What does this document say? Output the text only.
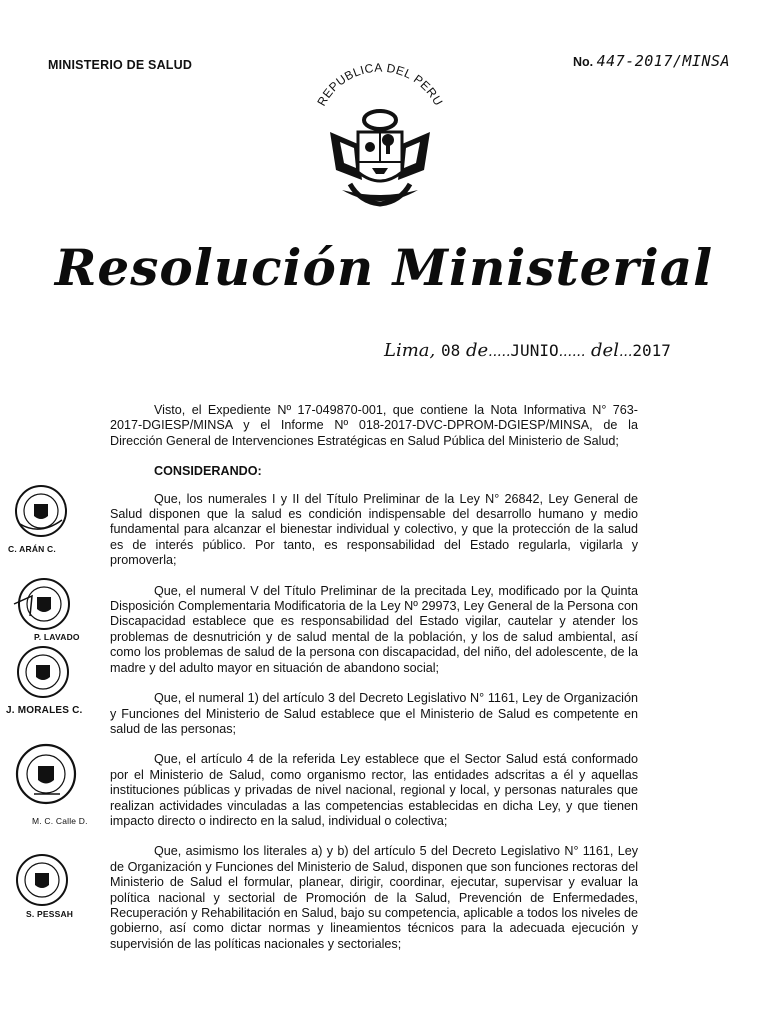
MINISTERIO DE SALUD	No. 447-2017/MINSA
REPUBLICA DEL PERU
Resolución Ministerial
Lima, 08 de.....JUNIO...... del...2017

Visto, el Expediente Nº 17-049870-001, que contiene la Nota Informativa N° 763-2017-DGIESP/MINSA y el Informe Nº 018-2017-DVC-DPROM-DGIESP/MINSA, de la Dirección General de Intervenciones Estratégicas en Salud Pública del Ministerio de Salud;

CONSIDERANDO:

Que, los numerales I y II del Título Preliminar de la Ley N° 26842, Ley General de Salud disponen que la salud es condición indispensable del desarrollo humano y medio fundamental para alcanzar el bienestar individual y colectivo, y que la protección de la salud es de interés público. Por tanto, es responsabilidad del Estado regularla, vigilarla y promoverla;

Que, el numeral V del Título Preliminar de la precitada Ley, modificado por la Quinta Disposición Complementaria Modificatoria de la Ley Nº 29973, Ley General de la Persona con Discapacidad establece que es responsabilidad del Estado vigilar, cautelar y atender los problemas de desnutrición y de salud mental de la población, y los de salud ambiental, así como los problemas de salud de la persona con discapacidad, del niño, del adolescente, de la madre y del adulto mayor en situación de abandono social;

Que, el numeral 1) del artículo 3 del Decreto Legislativo N° 1161, Ley de Organización y Funciones del Ministerio de Salud establece que el Ministerio de Salud es competente en salud de las personas;

Que, el artículo 4 de la referida Ley establece que el Sector Salud está conformado por el Ministerio de Salud, como organismo rector, las entidades adscritas a él y aquellas instituciones públicas y privadas de nivel nacional, regional y local, y personas naturales que realizan actividades vinculadas a las competencias establecidas en dicha Ley, y que tienen impacto directo o indirecto en la salud, individual o colectiva;

Que, asimismo los literales a) y b) del artículo 5 del Decreto Legislativo N° 1161, Ley de Organización y Funciones del Ministerio de Salud, disponen que son funciones rectoras del Ministerio de Salud el formular, planear, dirigir, coordinar, ejecutar, supervisar y evaluar la política nacional y sectorial de Promoción de la Salud, Prevención de Enfermedades, Recuperación y Rehabilitación en Salud, bajo su competencia, aplicable a todos los niveles de gobierno, así como dictar normas y lineamientos técnicos para la adecuada ejecución y supervisión de las políticas nacionales y sectoriales;

C. ARÁN C.
P. LAVADO
J. MORALES C.
M. C. Calle D.
S. PESSAH
